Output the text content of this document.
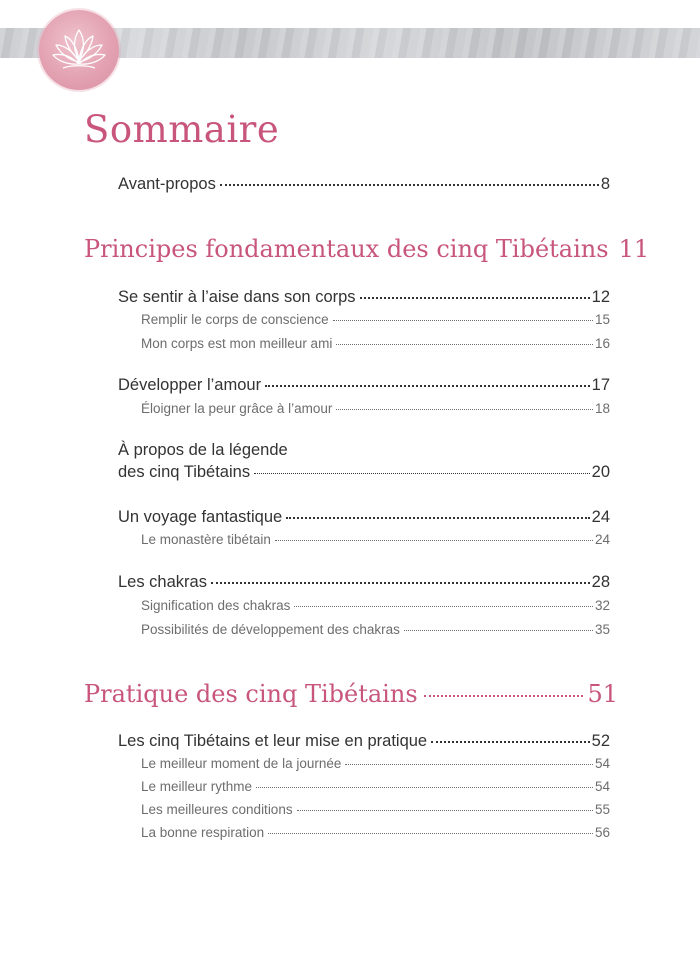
Sommaire
Avant-propos	8
Principes fondamentaux des cinq Tibétains 11
Se sentir à l’aise dans son corps	12
Remplir le corps de conscience	15
Mon corps est mon meilleur ami	16
Développer l’amour	17
Éloigner la peur grâce à l’amour	18
À propos de la légende
des cinq Tibétains	20
Un voyage fantastique	24
Le monastère tibétain	24
Les chakras	28
Signification des chakras	32
Possibilités de développement des chakras	35
Pratique des cinq Tibétains	51
Les cinq Tibétains et leur mise en pratique	52
Le meilleur moment de la journée	54
Le meilleur rythme	54
Les meilleures conditions	55
La bonne respiration	56
